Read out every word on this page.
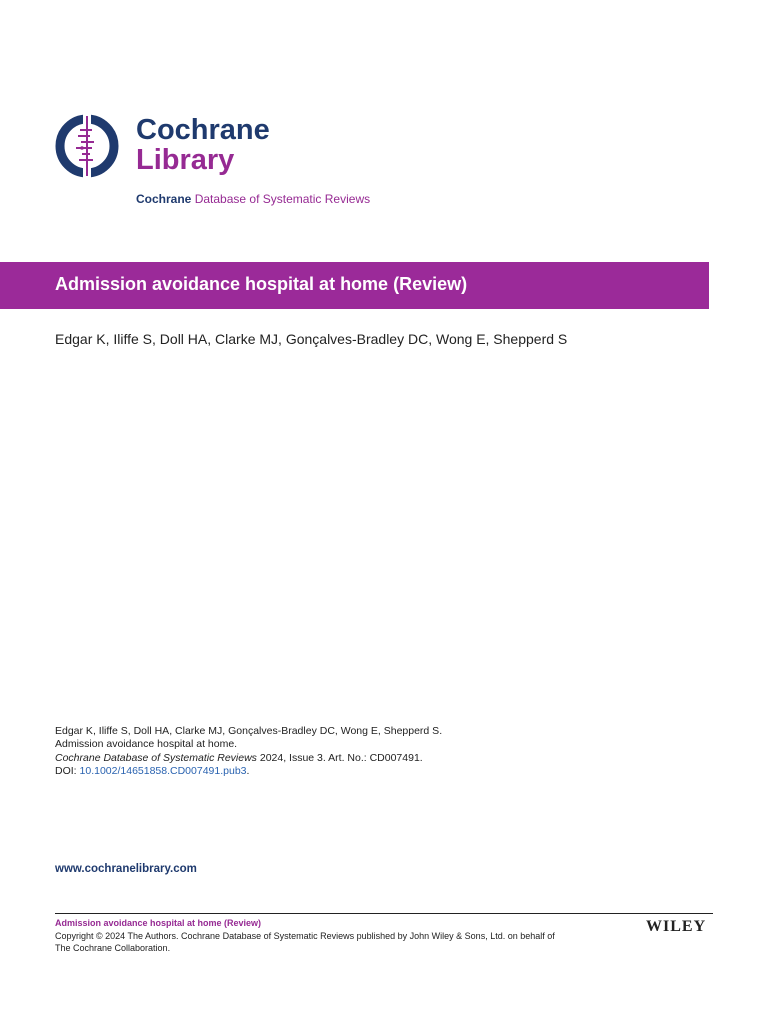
Cochrane
Library
Cochrane Database of Systematic Reviews
Admission avoidance hospital at home (Review)
Edgar K, Iliffe S, Doll HA, Clarke MJ, Gonçalves-Bradley DC, Wong E, Shepperd S
Edgar K, Iliffe S, Doll HA, Clarke MJ, Gonçalves-Bradley DC, Wong E, Shepperd S.
Admission avoidance hospital at home.
Cochrane Database of Systematic Reviews 2024, Issue 3. Art. No.: CD007491.
DOI: 10.1002/14651858.CD007491.pub3.
www.cochranelibrary.com
Admission avoidance hospital at home (Review)
Copyright © 2024 The Authors. Cochrane Database of Systematic Reviews published by John Wiley & Sons, Ltd. on behalf of The Cochrane Collaboration.
WILEY
